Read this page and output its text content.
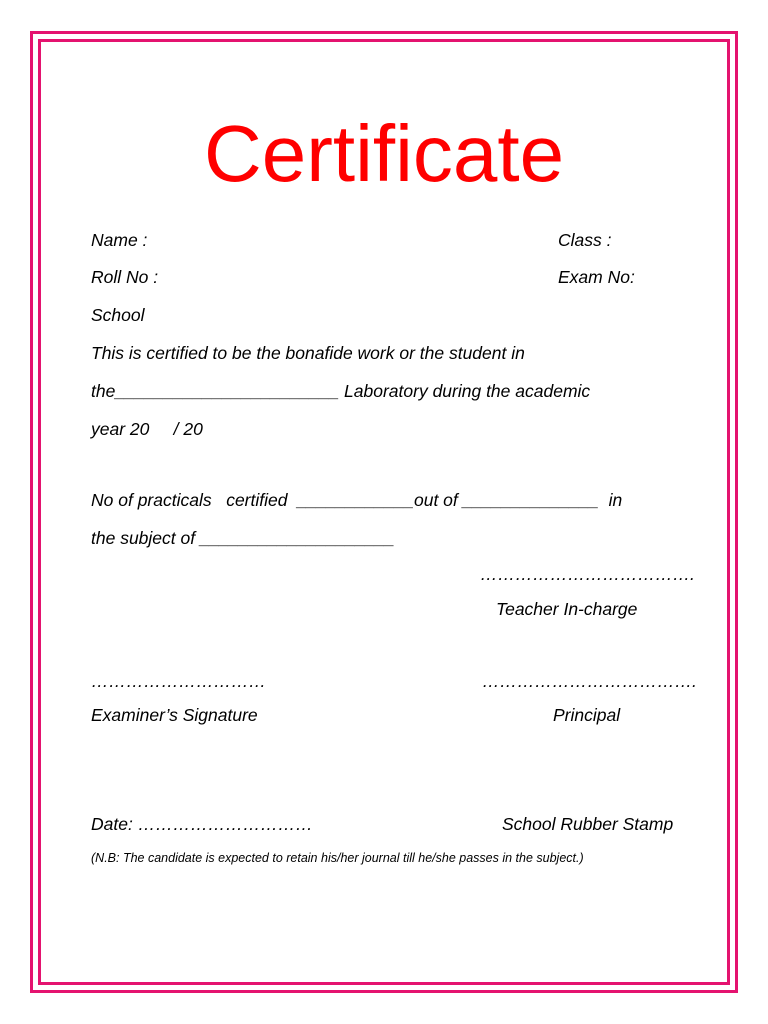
Certificate
Name :	Class :
Roll No :	Exam No:
School
This is certified to be the bonafide work or the student in
the_______________________ Laboratory during the academic
year 20     / 20
No of practicals   certified  ____________out of ______________  in
the subject of ____________________
……………………………….
Teacher In-charge
…………………………	……………………………….
Examiner’s Signature	Principal
Date: …………………………	School Rubber Stamp
(N.B: The candidate is expected to retain his/her journal till he/she passes in the subject.)
